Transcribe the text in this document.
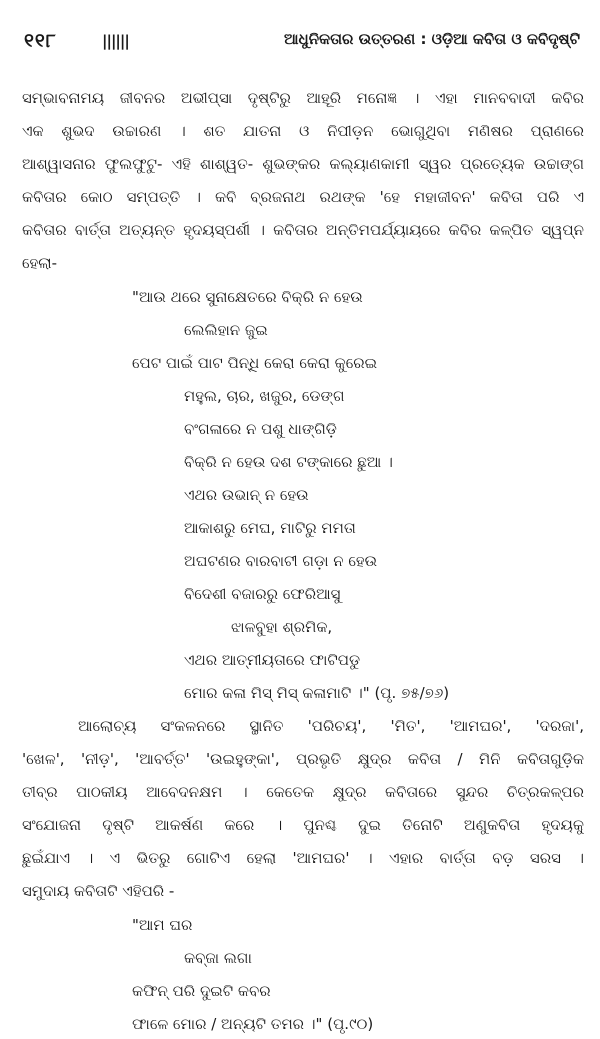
୧୧୮	||||||	ଆଧୁନିକତାର ଉତ୍ତରଣ : ଓଡ଼ିଆ କବିତା ଓ କବିଦୃଷ୍ଟି
ସମ୍ଭାବନାମୟ ଜୀବନର ଅଭୀପ୍ସା ଦୃଷ୍ଟିରୁ ଆହୂରି ମନୋଜ୍ଞ । ଏହା ମାନବବାଦୀ କବିର
ଏକ ଶୁଭଦ ଉଚ୍ଚାରଣ । ଶତ ଯାତନା ଓ ନିପୀଡ଼ନ ଭୋଗୁଥିବା ମଣିଷର ପ୍ରାଣରେ
ଆଶ୍ୱାସନାର ଫୁଲଫୁଟୁ- ଏହି ଶାଶ୍ୱତ- ଶୁଭଙ୍କର କଲ୍ୟାଣକାମୀ ସ୍ୱର ପ୍ରତ୍ୟେକ ଉଚ୍ଚାଙ୍ଗ
କବିତାର କୋଠ ସମ୍ପତ୍ତି । କବି ବ୍ରଜନାଥ ରଥଙ୍କ 'ହେ ମହାଜୀବନ' କବିତା ପରି ଏ
କବିତାର ବାର୍ତ୍ତା ଅତ୍ୟନ୍ତ ହୃଦୟସ୍ପର୍ଶୀ । କବିତାର ଅନ୍ତିମପର୍ଯ୍ୟାୟରେ କବିର କଳ୍ପିତ ସ୍ୱପ୍ନ
ହେଲା-
"ଆଉ ଥରେ ସୁନାକ୍ଷେତରେ ବିକ୍ରି ନ ହେଉ
ଲେଲିହାନ ଜୁଇ
ପେଟ ପାଇଁ ପାଟ ପିନ୍ଧି କେରା କେରା କୁରେଇ
ମହୁଲ, ଚାର, ଖଜୁର, ଡେଙ୍ଗ
ବଂଗଳାରେ ନ ପଶୁ ଧାଙ୍ଗିଡ଼ି
ବିକ୍ରି ନ ହେଉ ଦଶ ଟଙ୍କାରେ ଛୁଆ ।
ଏଥର ଉଭାନ୍ ନ ହେଉ
ଆକାଶରୁ ମେଘ, ମାଟିରୁ ମମତା
ଅଘଟଣର ବାରବାଟୀ ଗଡ଼ା ନ ହେଉ
ବିଦେଶୀ ବଜାରରୁ ଫେରିଆସୁ
ଝାଳବୁହା ଶ୍ରମିକ,
ଏଥର ଆତ୍ମୀୟତାରେ ଫାଟିପଡୁ
ମୋର କଳା ମିସ୍ ମିସ୍ କଳାମାଟି ।" (ପୃ. ୭୫/୭୬)
ଆଲୋଚ୍ୟ ସଂକଳନରେ ସ୍ଥାନିତ 'ପରିଚୟ', 'ମିତ', 'ଆମଘର', 'ଦରଜା',
'ଖେଳ', 'ନୀଡ଼', 'ଆବର୍ତ୍ତ' 'ଉଇହୁଙ୍କା', ପ୍ରଭୃତି କ୍ଷୁଦ୍ର କବିତା / ମିନି କବିତାଗୁଡ଼ିକ
ତୀବ୍ର ପାଠକୀୟ ଆବେଦନକ୍ଷମ । କେତେକ କ୍ଷୁଦ୍ର କବିତାରେ ସୁନ୍ଦର ଚିତ୍ରକଳ୍ପର
ସଂଯୋଜନା ଦୃଷ୍ଟି ଆକର୍ଷଣ କରେ । ପୁନଶ୍ଚ ଦୁଇ ତିନୋଟି ଅଣୁକବିତା ହୃଦୟକୁ
ଛୁଇଁଯାଏ । ଏ ଭିତରୁ ଗୋଟିଏ ହେଲା 'ଆମଘର' । ଏହାର ବାର୍ତ୍ତା ବଡ଼ ସରସ ।
ସମୁଦାୟ କବିତାଟି ଏହିପରି -
"ଆମ ଘର
କବ୍ଜା ଲଗା
କଫିନ୍ ପରି ଦୁଇଟି କବର
ଫାଳେ ମୋର / ଅନ୍ୟଟି ତମର ।" (ପୃ.୯୦)
